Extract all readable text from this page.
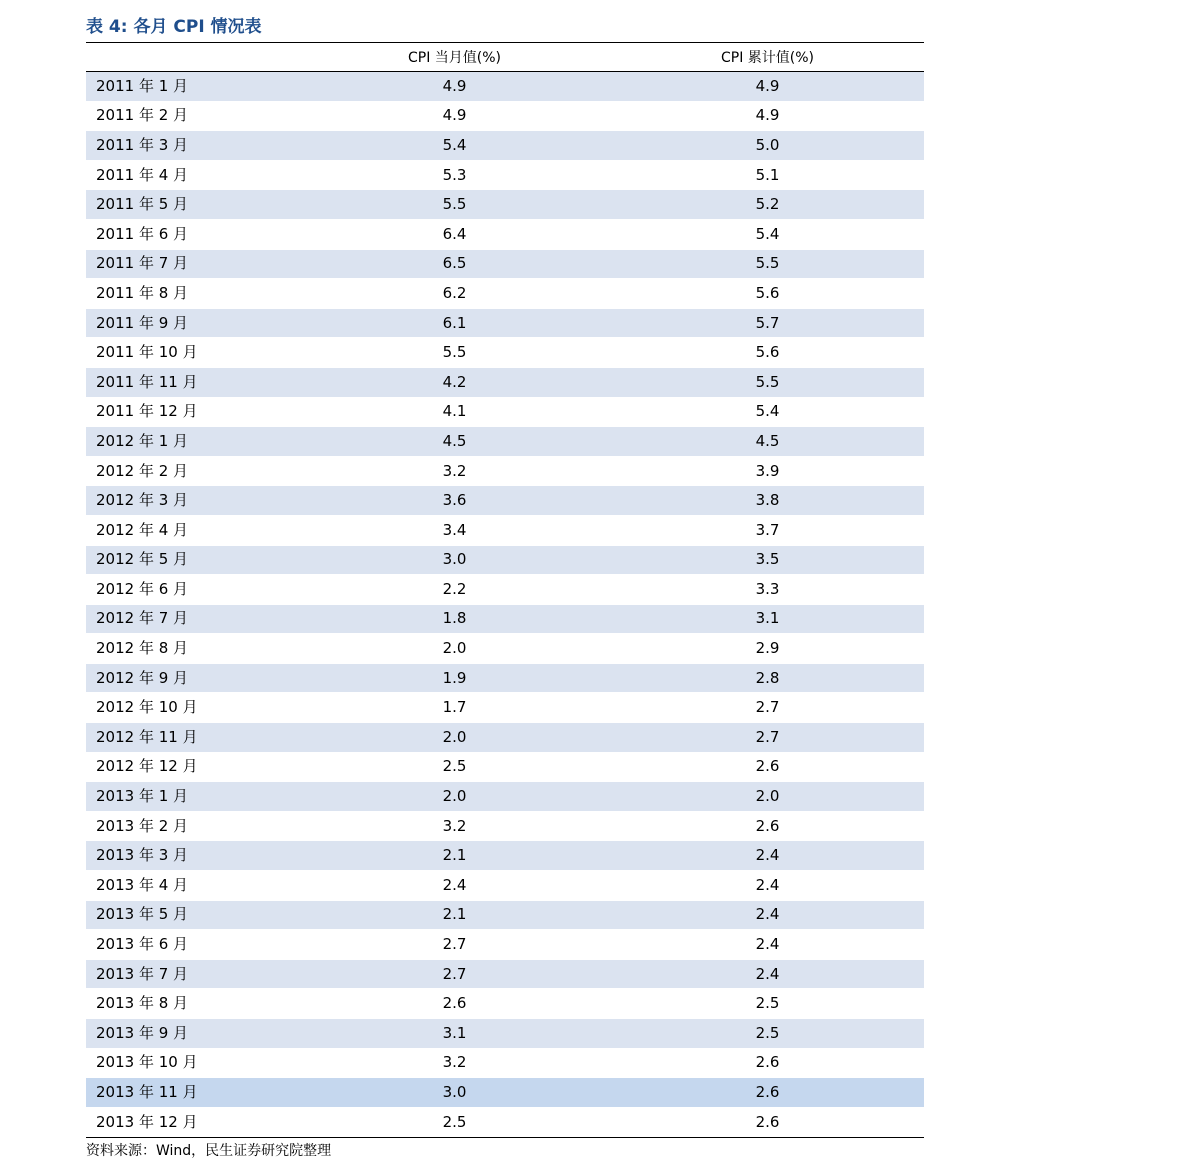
表 4: 各月 CPI 情况表
	CPI 当月值(%)	CPI 累计值(%)
2011 年 1 月	4.9	4.9
2011 年 2 月	4.9	4.9
2011 年 3 月	5.4	5.0
2011 年 4 月	5.3	5.1
2011 年 5 月	5.5	5.2
2011 年 6 月	6.4	5.4
2011 年 7 月	6.5	5.5
2011 年 8 月	6.2	5.6
2011 年 9 月	6.1	5.7
2011 年 10 月	5.5	5.6
2011 年 11 月	4.2	5.5
2011 年 12 月	4.1	5.4
2012 年 1 月	4.5	4.5
2012 年 2 月	3.2	3.9
2012 年 3 月	3.6	3.8
2012 年 4 月	3.4	3.7
2012 年 5 月	3.0	3.5
2012 年 6 月	2.2	3.3
2012 年 7 月	1.8	3.1
2012 年 8 月	2.0	2.9
2012 年 9 月	1.9	2.8
2012 年 10 月	1.7	2.7
2012 年 11 月	2.0	2.7
2012 年 12 月	2.5	2.6
2013 年 1 月	2.0	2.0
2013 年 2 月	3.2	2.6
2013 年 3 月	2.1	2.4
2013 年 4 月	2.4	2.4
2013 年 5 月	2.1	2.4
2013 年 6 月	2.7	2.4
2013 年 7 月	2.7	2.4
2013 年 8 月	2.6	2.5
2013 年 9 月	3.1	2.5
2013 年 10 月	3.2	2.6
2013 年 11 月	3.0	2.6
2013 年 12 月	2.5	2.6
资料来源：Wind，民生证券研究院整理
